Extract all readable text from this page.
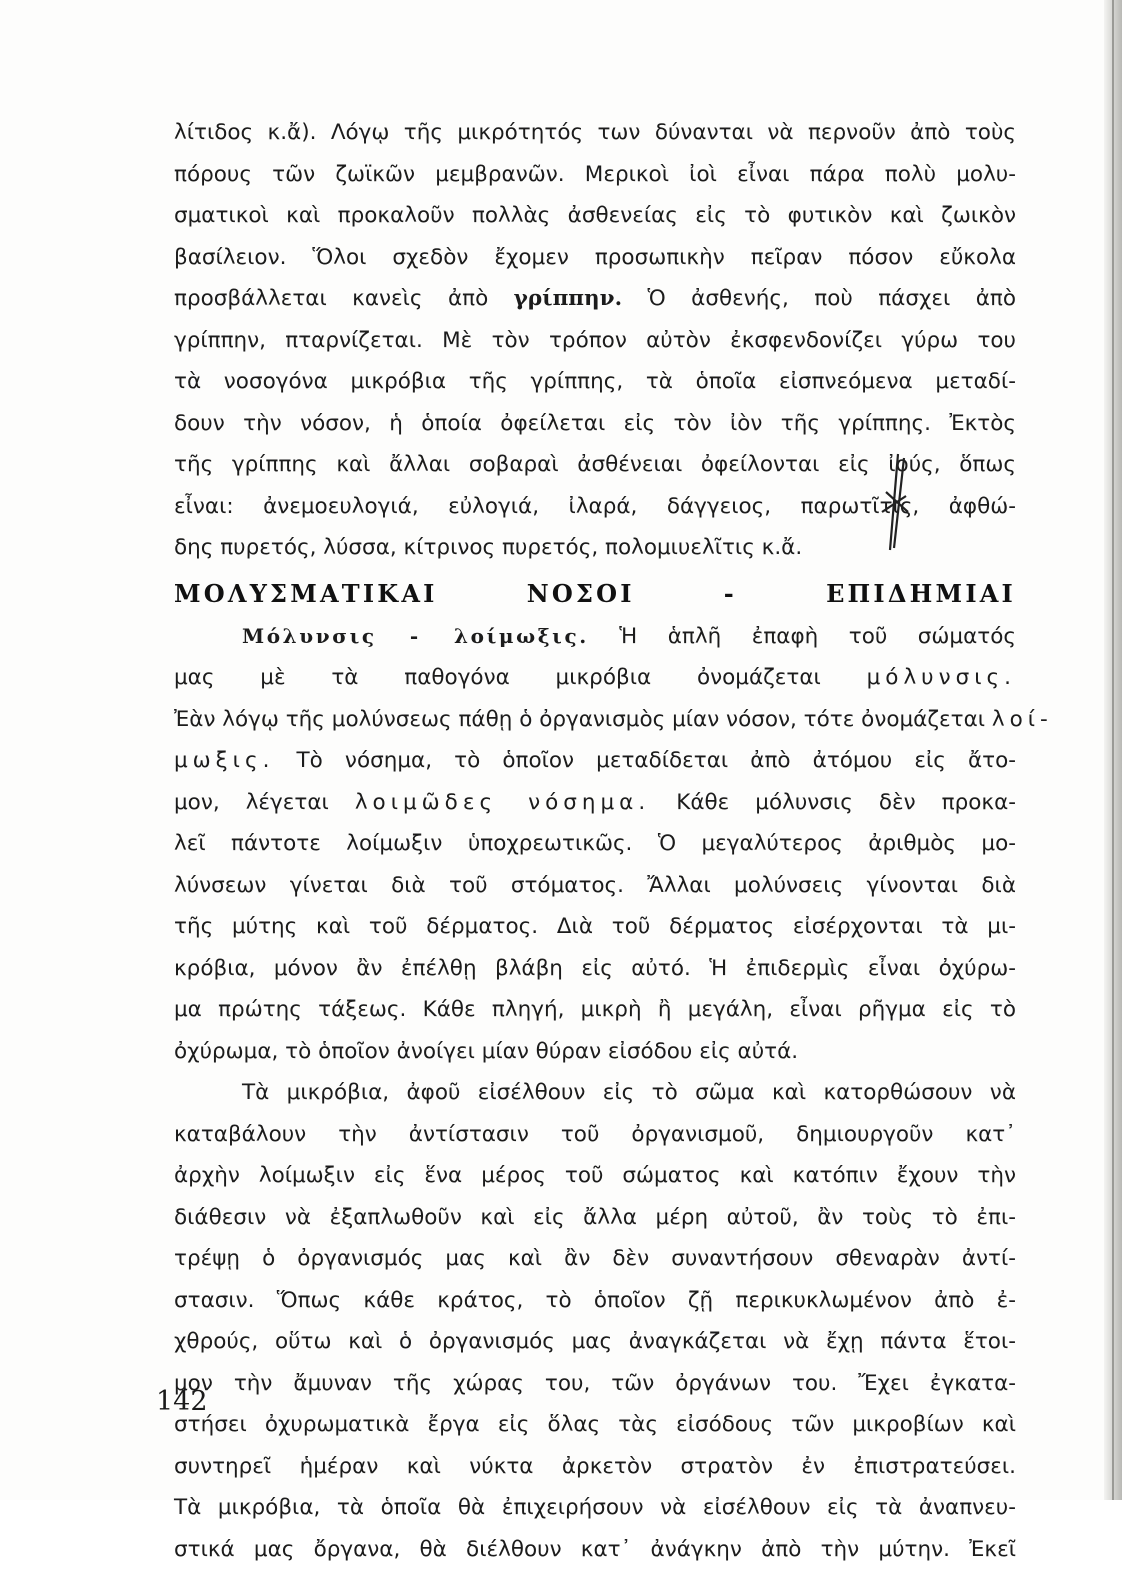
λίτιδος κ.ἄ). Λόγῳ τῆς μικρότητός των δύνανται νὰ περνοῦν ἀπὸ τοὺς
πόρους τῶν ζωϊκῶν μεμβρανῶν. Μερικοὶ ἰοὶ εἶναι πάρα πολὺ μολυ-
σματικοὶ καὶ προκαλοῦν πολλὰς ἀσθενείας εἰς τὸ φυτικὸν καὶ ζωικὸν
βασίλειον. Ὅλοι σχεδὸν ἔχομεν προσωπικὴν πεῖραν πόσον εὔκολα
προσβάλλεται κανεὶς ἀπὸ γρίππην. Ὁ ἀσθενής, ποὺ πάσχει ἀπὸ
γρίππην, πταρνίζεται. Μὲ τὸν τρόπον αὐτὸν ἐκσφενδονίζει γύρω του
τὰ νοσογόνα μικρόβια τῆς γρίππης, τὰ ὁποῖα εἰσπνεόμενα μεταδί-
δουν τὴν νόσον, ἡ ὁποία ὀφείλεται εἰς τὸν ἰὸν τῆς γρίππης. Ἐκτὸς
τῆς γρίππης καὶ ἄλλαι σοβαραὶ ἀσθένειαι ὀφείλονται εἰς ἰούς, ὅπως
εἶναι: ἀνεμοευλογιά, εὐλογιά, ἰλαρά, δάγγειος, παρωτῖτις, ἀφθώ-
δης πυρετός, λύσσα, κίτρινος πυρετός, πολομιυελῖτις κ.ἄ.
ΜΟΛΥΣΜΑΤΙΚΑΙ ΝΟΣΟΙ - ΕΠΙΔΗΜΙΑΙ
Μόλυνσις - λοίμωξις. Ἡ ἁπλῆ ἐπαφὴ τοῦ σώματός
μας μὲ τὰ παθογόνα μικρόβια ὀνομάζεται μόλυνσις.
Ἐὰν λόγῳ τῆς μολύνσεως πάθῃ ὁ ὀργανισμὸς μίαν νόσον, τότε ὀνομάζεται λοί-
μωξις. Τὸ νόσημα, τὸ ὁποῖον μεταδίδεται ἀπὸ ἀτόμου εἰς ἄτο-
μον, λέγεται λοιμῶδες νόσημα. Κάθε μόλυνσις δὲν προκα-
λεῖ πάντοτε λοίμωξιν ὑποχρεωτικῶς. Ὁ μεγαλύτερος ἀριθμὸς μο-
λύνσεων γίνεται διὰ τοῦ στόματος. Ἄλλαι μολύνσεις γίνονται διὰ
τῆς μύτης καὶ τοῦ δέρματος. Διὰ τοῦ δέρματος εἰσέρχονται τὰ μι-
κρόβια, μόνον ἂν ἐπέλθῃ βλάβη εἰς αὐτό. Ἡ ἐπιδερμὶς εἶναι ὀχύρω-
μα πρώτης τάξεως. Κάθε πληγή, μικρὴ ἢ μεγάλη, εἶναι ρῆγμα εἰς τὸ
ὀχύρωμα, τὸ ὁποῖον ἀνοίγει μίαν θύραν εἰσόδου εἰς αὐτά.
Τὰ μικρόβια, ἀφοῦ εἰσέλθουν εἰς τὸ σῶμα καὶ κατορθώσουν νὰ
καταβάλουν τὴν ἀντίστασιν τοῦ ὀργανισμοῦ, δημιουργοῦν κατ᾽
ἀρχὴν λοίμωξιν εἰς ἕνα μέρος τοῦ σώματος καὶ κατόπιν ἔχουν τὴν
διάθεσιν νὰ ἐξαπλωθοῦν καὶ εἰς ἄλλα μέρη αὐτοῦ, ἂν τοὺς τὸ ἐπι-
τρέψῃ ὁ ὀργανισμός μας καὶ ἂν δὲν συναντήσουν σθεναρὰν ἀντί-
στασιν. Ὅπως κάθε κράτος, τὸ ὁποῖον ζῇ περικυκλωμένον ἀπὸ ἐ-
χθρούς, οὕτω καὶ ὁ ὀργανισμός μας ἀναγκάζεται νὰ ἔχῃ πάντα ἕτοι-
μον τὴν ἄμυναν τῆς χώρας του, τῶν ὀργάνων του. Ἔχει ἐγκατα-
στήσει ὀχυρωματικὰ ἔργα εἰς ὅλας τὰς εἰσόδους τῶν μικροβίων καὶ
συντηρεῖ ἡμέραν καὶ νύκτα ἀρκετὸν στρατὸν ἐν ἐπιστρατεύσει.
Τὰ μικρόβια, τὰ ὁποῖα θὰ ἐπιχειρήσουν νὰ εἰσέλθουν εἰς τὰ ἀναπνευ-
στικά μας ὄργανα, θὰ διέλθουν κατ᾽ ἀνάγκην ἀπὸ τὴν μύτην. Ἐκεῖ
142
